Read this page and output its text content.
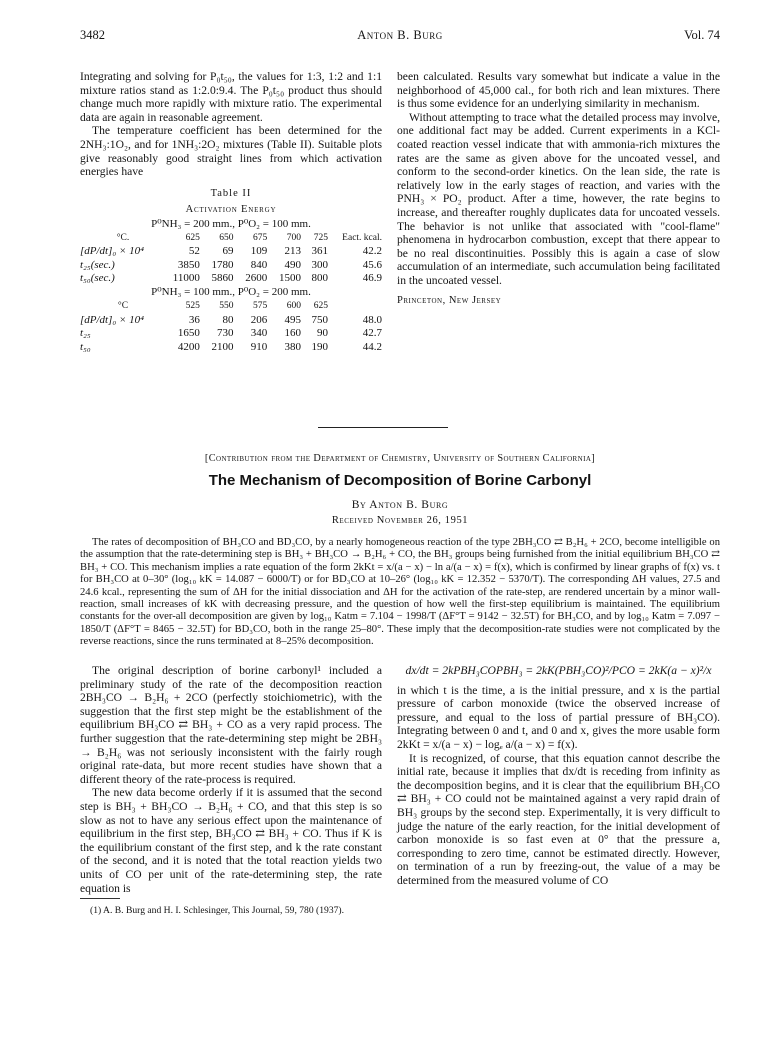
3482	Anton B. Burg	Vol. 74

Integrating and solving for P₀t₅₀, the values for 1:3, 1:2 and 1:1 mixture ratios stand as 1:2.0:9.4. The P₀t₅₀ product thus should change much more rapidly with mixture ratio. The experimental data are again in reasonable agreement.

The temperature coefficient has been determined for the 2NH₃:1O₂, and for 1NH₃:2O₂ mixtures (Table II). Suitable plots give reasonably good straight lines from which activation energies have

Table II
Activation Energy
P⁰NH₃ = 200 mm., P⁰O₂ = 100 mm.
°C.	625	650	675	700	725	Eact. kcal.
[dP/dt]₀ × 10⁴	52	69	109	213	361	42.2
t₂₅(sec.)	3850	1780	840	490	300	45.6
t₅₀(sec.)	11000	5860	2600	1500	800	46.9
P⁰NH₃ = 100 mm., P⁰O₂ = 200 mm.						
°C	525	550	575	600	625	
[dP/dt]₀ × 10⁴	36	80	206	495	750	48.0
t₂₅	1650	730	340	160	90	42.7
t₅₀	4200	2100	910	380	190	44.2

been calculated. Results vary somewhat but indicate a value in the neighborhood of 45,000 cal., for both rich and lean mixtures. There is thus some evidence for an underlying similarity in mechanism.

Without attempting to trace what the detailed process may involve, one additional fact may be added. Current experiments in a KCl-coated reaction vessel indicate that with ammonia-rich mixtures the rates are the same as given above for the uncoated vessel, and conform to the second-order kinetics. On the lean side, the rate is relatively low in the early stages of reaction, and varies with the PNH₃ × PO₂ product. After a time, however, the rate begins to increase, and thereafter roughly duplicates data for uncoated vessels. The behavior is not unlike that associated with "cool-flame" phenomena in hydrocarbon combustion, except that there appear to be no real discontinuities. Possibly this is again a case of slow accumulation of an intermediate, such accumulation being facilitated in the uncoated vessel.

Princeton, New Jersey
[Contribution from the Department of Chemistry, University of Southern California]
The Mechanism of Decomposition of Borine Carbonyl
By Anton B. Burg
Received November 26, 1951

The rates of decomposition of BH₃CO and BD₃CO, by a nearly homogeneous reaction of the type 2BH₃CO ⇄ B₂H₆ + 2CO, become intelligible on the assumption that the rate-determining step is BH₃ + BH₃CO → B₂H₆ + CO, the BH₃ groups being furnished from the initial equilibrium BH₃CO ⇄ BH₃ + CO. This mechanism implies a rate equation of the form 2kKt = x/(a − x) − ln a/(a − x) = f(x), which is confirmed by linear graphs of f(x) vs. t for BH₃CO at 0–30° (log₁₀ kK = 14.087 − 6000/T) or for BD₃CO at 10–26° (log₁₀ kK = 12.352 − 5370/T). The corresponding ΔH values, 27.5 and 24.6 kcal., representing the sum of ΔH for the initial dissociation and ΔH for the activation of the rate-step, are rendered uncertain by a minor wall-reaction, small increases of kK with decreasing pressure, and the question of how well the first-step equilibrium is maintained. The equilibrium constants for the over-all decomposition are given by log₁₀ Katm = 7.104 − 1998/T (ΔF°T = 9142 − 32.5T) for BH₃CO, and by log₁₀ Katm = 7.097 − 1850/T (ΔF°T = 8465 − 32.5T) for BD₃CO, both in the range 25–80°. These imply that the decomposition-rate studies were not complicated by the reverse reactions, since the runs terminated at 8–25% decomposition.

The original description of borine carbonyl¹ included a preliminary study of the rate of the decomposition reaction 2BH₃CO → B₂H₆ + 2CO (perfectly stoichiometric), with the suggestion that the first step might be the establishment of the equilibrium BH₃CO ⇄ BH₃ + CO as a very rapid process. The further suggestion that the rate-determining step might be 2BH₃ → B₂H₆ was not seriously inconsistent with the fairly rough original rate-data, but more recent studies have shown that a different theory of the rate-process is required.

The new data become orderly if it is assumed that the second step is BH₃ + BH₃CO → B₂H₆ + CO, and that this step is so slow as not to have any serious effect upon the maintenance of equilibrium in the first step, BH₃CO ⇄ BH₃ + CO. Thus if K is the equilibrium constant of the first step, and k the rate constant of the second, and it is noted that the total reaction yields two units of CO per unit of the rate-determining step, the rate equation is

(1) A. B. Burg and H. I. Schlesinger, This Journal, 59, 780 (1937).
dx/dt = 2kPBH₃COPBH₃ = 2kK(PBH₃CO)²/PCO = 2kK(a − x)²/x

in which t is the time, a is the initial pressure, and x is the partial pressure of carbon monoxide (twice the observed increase of pressure, and equal to the loss of partial pressure of BH₃CO). Integrating between 0 and t, and 0 and x, gives the more usable form 2kKt = x/(a − x) − logₑ a/(a − x) = f(x).

It is recognized, of course, that this equation cannot describe the initial rate, because it implies that dx/dt is receding from infinity as the decomposition begins, and it is clear that the equilibrium BH₃CO ⇄ BH₃ + CO could not be maintained against a very rapid drain of BH₃ groups by the second step. Experimentally, it is very difficult to judge the nature of the early reaction, for the initial development of carbon monoxide is so fast even at 0° that the pressure a, corresponding to zero time, cannot be estimated directly. However, on termination of a run by freezing-out, the value of a may be determined from the measured volume of CO
